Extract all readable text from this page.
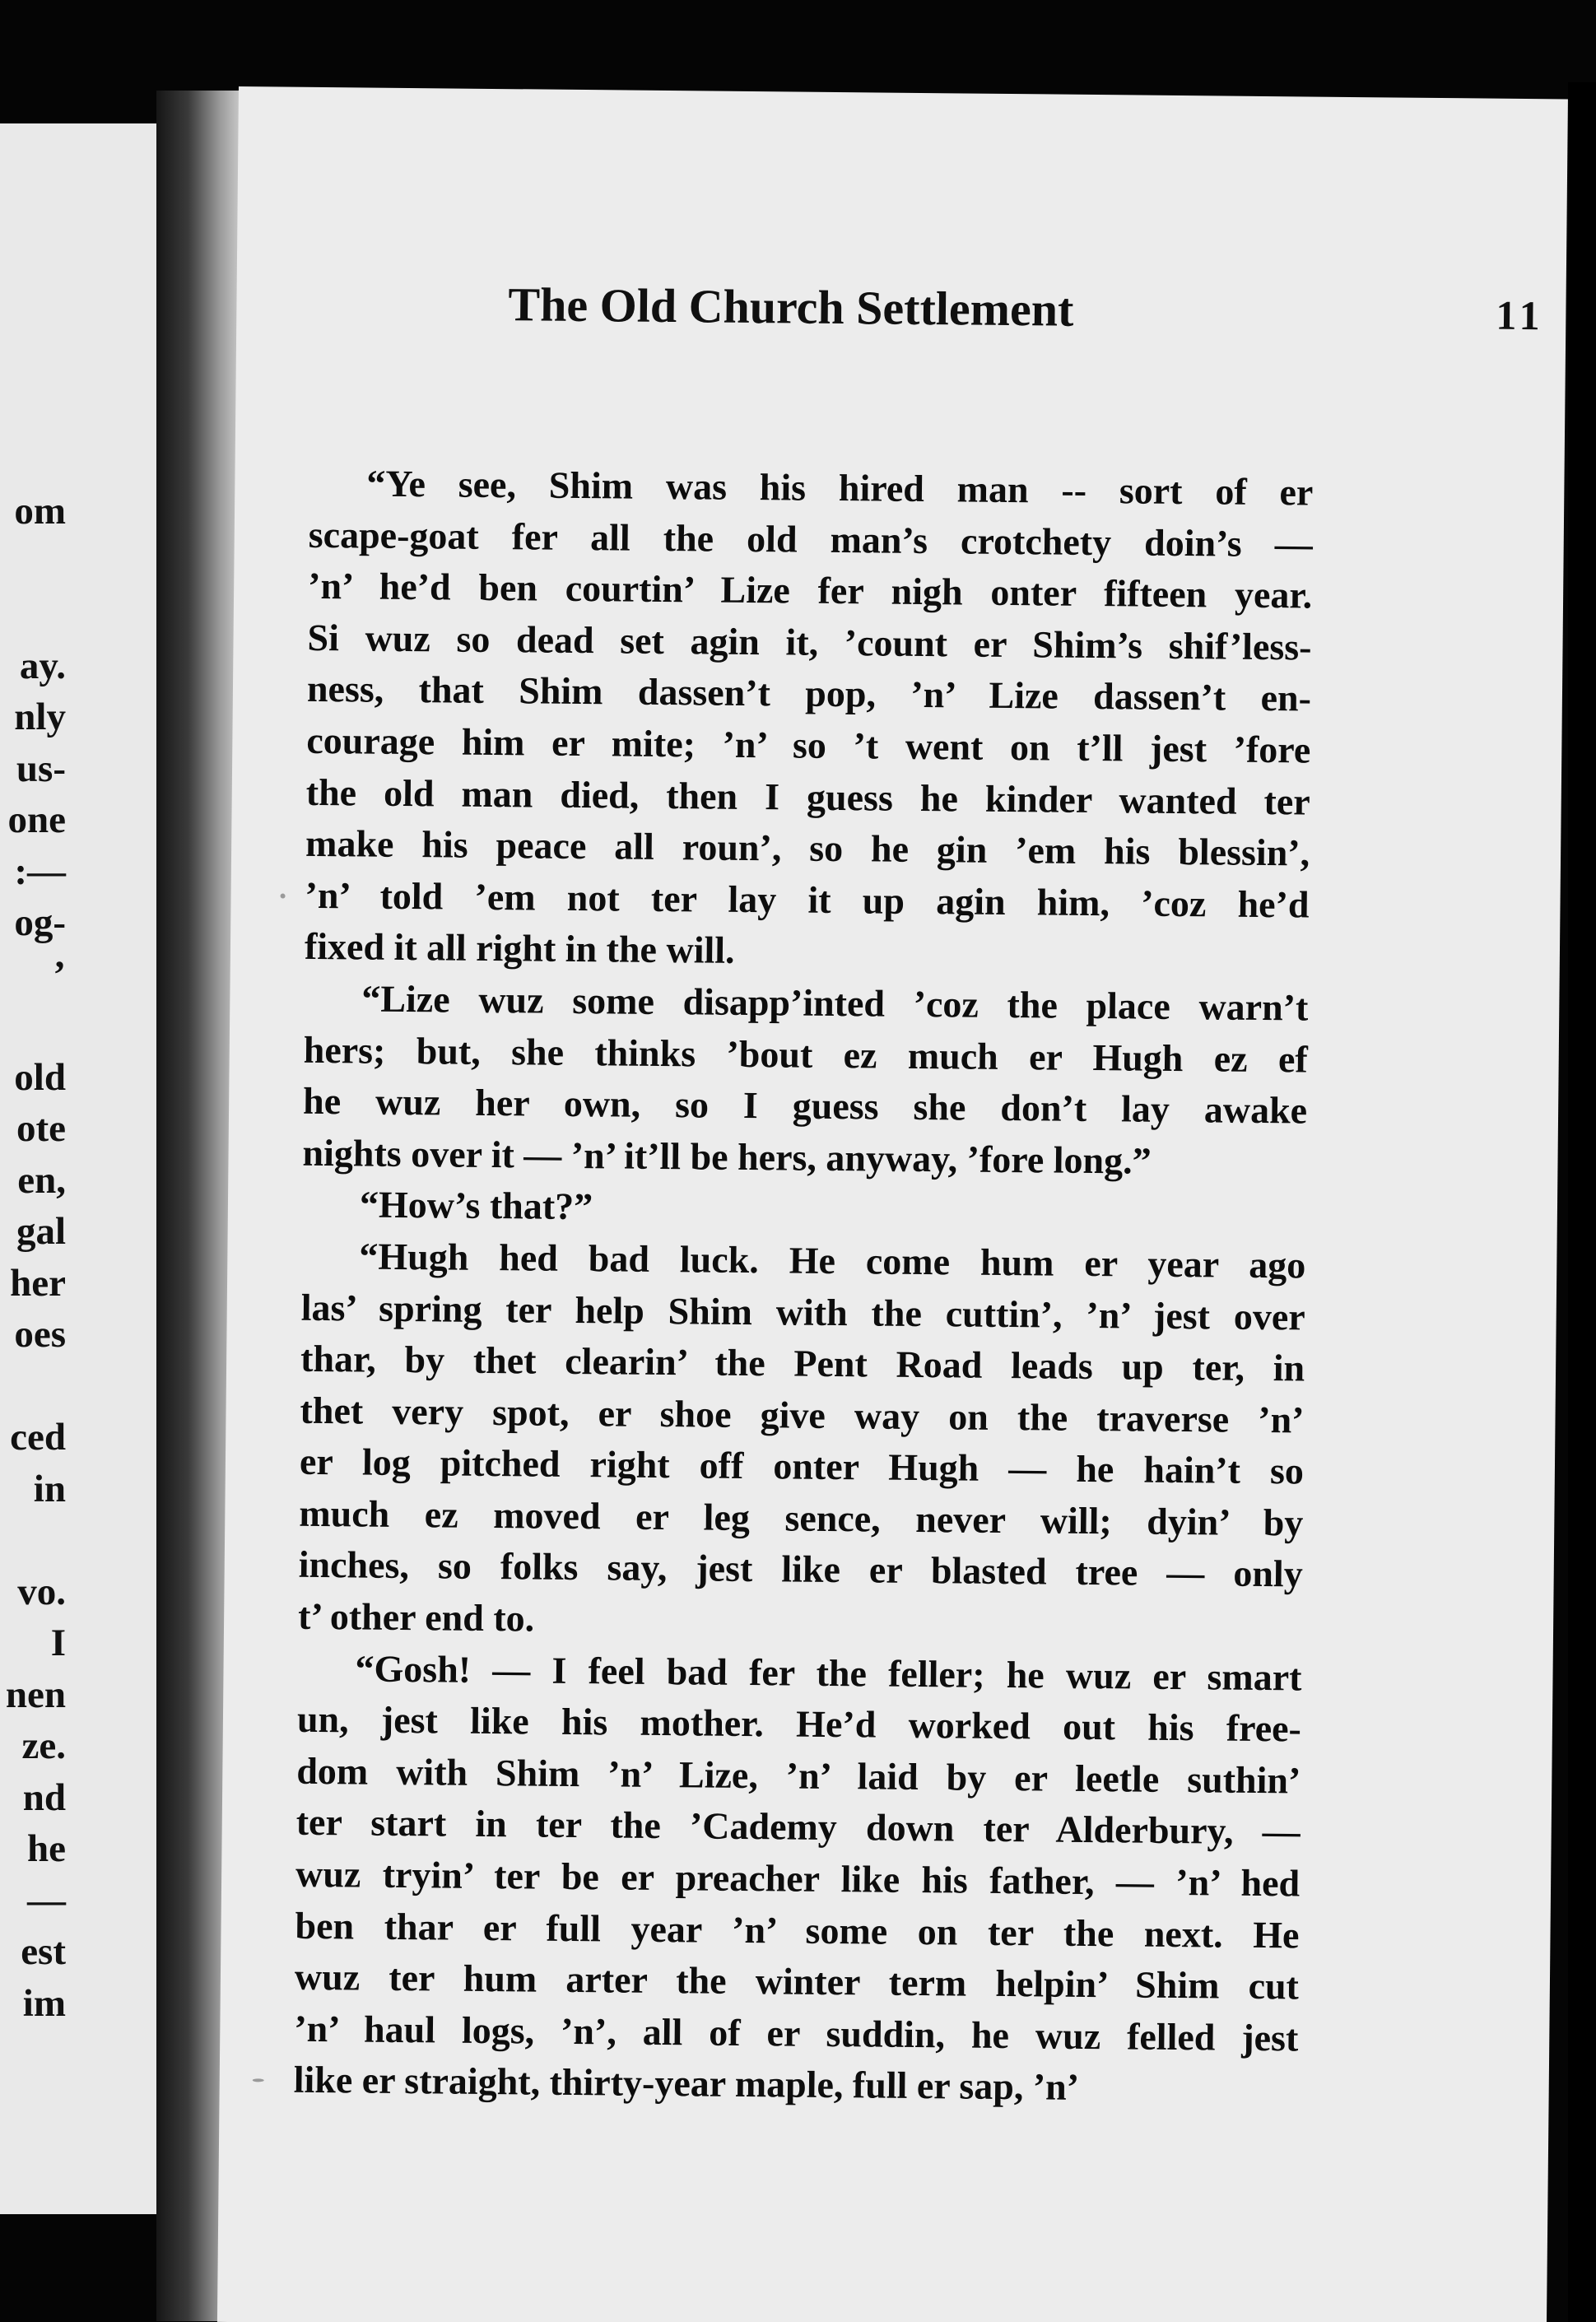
om
ay.
nly
us-
one
:—
og-
’
old
ote
en,
gal
her
oes
ced
in
vo.
I
nen
ze.
nd
he
—
est
im
The Old Church Settlement	11
“Ye see, Shim was his hired man -- sort of er
scape-goat fer all the old man’s crotchety doin’s —
’n’ he’d ben courtin’ Lize fer nigh onter fifteen year.
Si wuz so dead set agin it, ’count er Shim’s shif’less-
ness, that Shim dassen’t pop, ’n’ Lize dassen’t en-
courage him er mite; ’n’ so ’t went on t’ll jest ’fore
the old man died, then I guess he kinder wanted ter
make his peace all roun’, so he gin ’em his blessin’,
’n’ told ’em not ter lay it up agin him, ’coz he’d
fixed it all right in the will.
“Lize wuz some disapp’inted ’coz the place warn’t
hers; but, she thinks ’bout ez much er Hugh ez ef
he wuz her own, so I guess she don’t lay awake
nights over it — ’n’ it’ll be hers, anyway, ’fore long.”
“How’s that?”
“Hugh hed bad luck. He come hum er year ago
las’ spring ter help Shim with the cuttin’, ’n’ jest over
thar, by thet clearin’ the Pent Road leads up ter, in
thet very spot, er shoe give way on the traverse ’n’
er log pitched right off onter Hugh — he hain’t so
much ez moved er leg sence, never will; dyin’ by
inches, so folks say, jest like er blasted tree — only
t’ other end to.
“Gosh! — I feel bad fer the feller; he wuz er smart
un, jest like his mother. He’d worked out his free-
dom with Shim ’n’ Lize, ’n’ laid by er leetle suthin’
ter start in ter the ’Cademy down ter Alderbury, —
wuz tryin’ ter be er preacher like his father, — ’n’ hed
ben thar er full year ’n’ some on ter the next. He
wuz ter hum arter the winter term helpin’ Shim cut
’n’ haul logs, ’n’, all of er suddin, he wuz felled jest
like er straight, thirty-year maple, full er sap, ’n’
